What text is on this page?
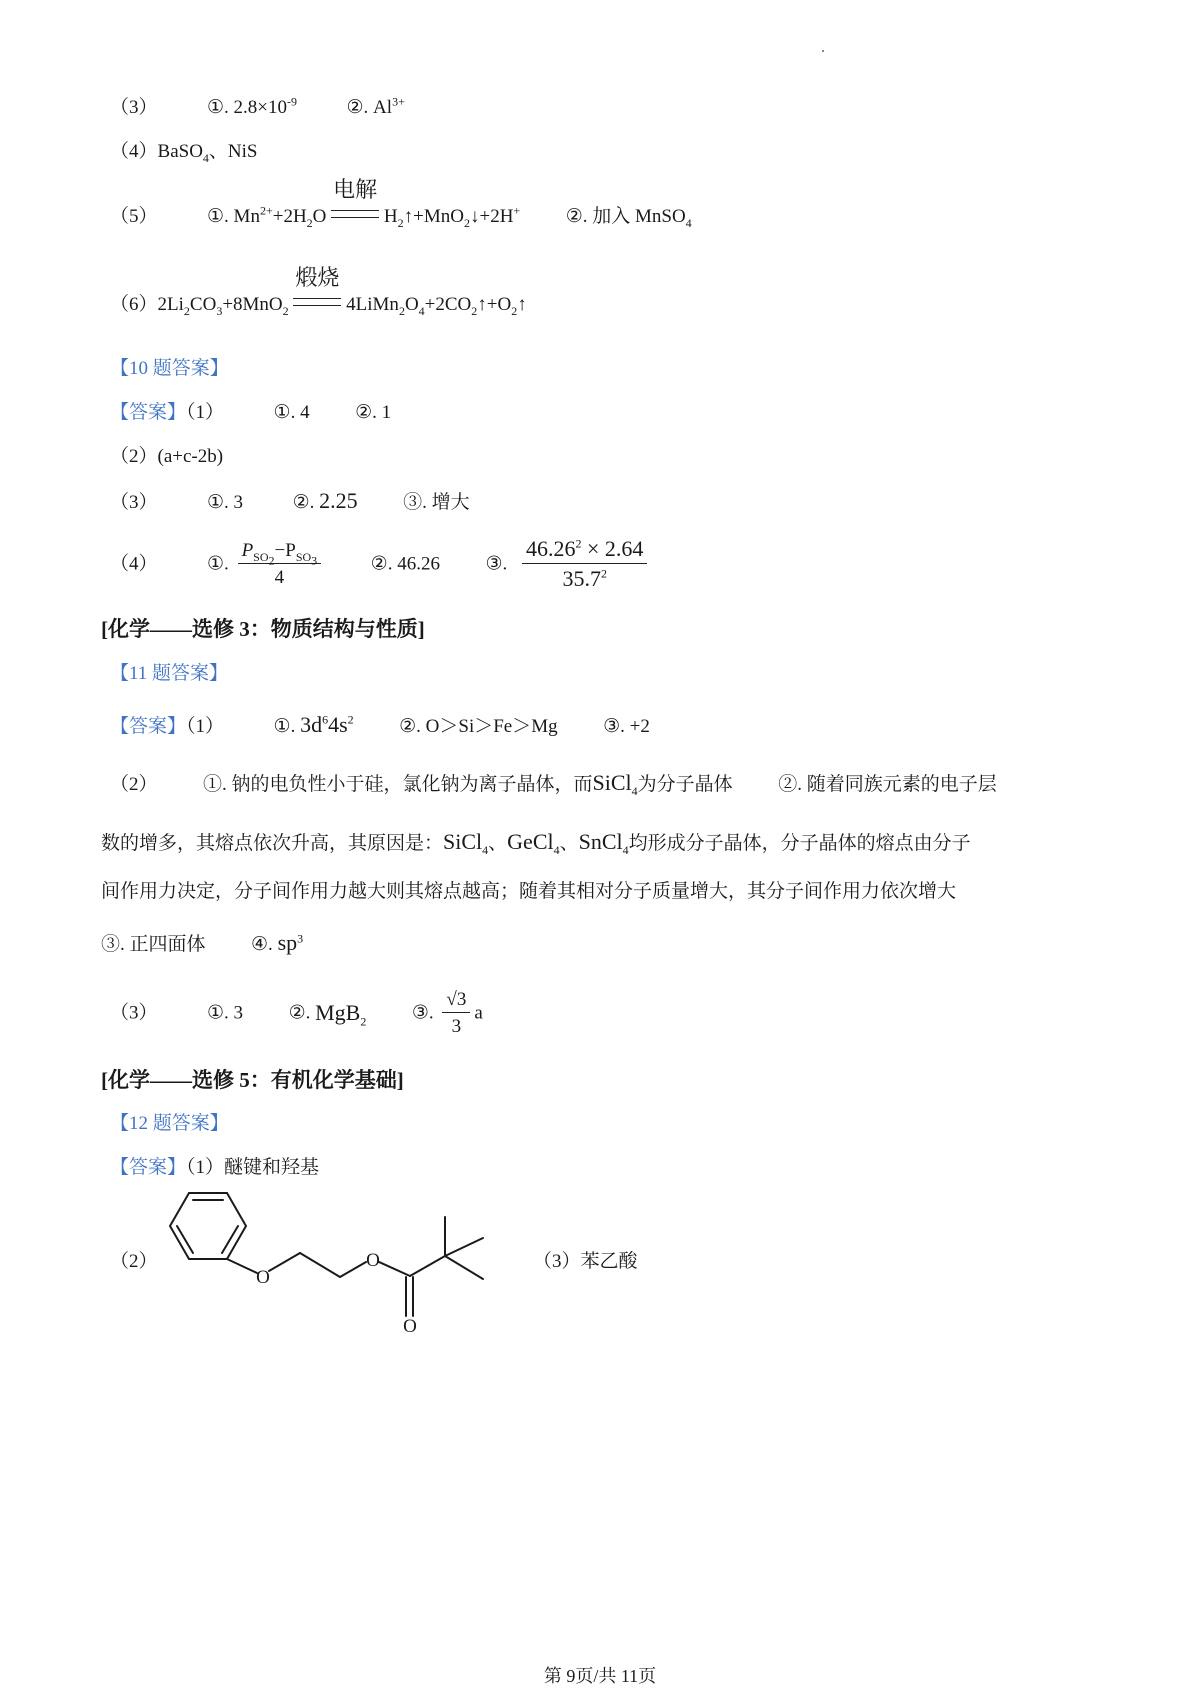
（3）	①. $2.8\times 10^{-9}$	②. $Al^{3+}$
（4）BaSO$_4$、NiS
（5）	①. $Mn^{2+}+2H_2O$
电解
$H_2↑+MnO_2↓+2H^+$ ②. 加入 MnSO$_4$
$(6)2Li_2CO_3+8MnO_2$
煅烧
$4LiMn_2O_4+2CO_2↑+O_2↑$
【10 题答案】
【答案】（1）	①. 4 ②. 1
（2）(a+c-2b)
（3）	①. 3	②. 2.25 ③. 增大
（4）	①. $\frac{P_{SO_2}-P_{SO_3}}{4}$	②. 46.26 ③. $\frac{46.26^2 \times 2.64}{35.7^2}$
[化学——选修 3：物质结构与性质]
【11 题答案】
【答案】（1）	①. $3d^64s^2$ ②. O＞Si＞Fe＞Mg ③. +2
（2） ①. 钠的电负性小于硅，氯化钠为离子晶体，而SiCl$_4$为分子晶体 ②. 随着同族元素的电子层
数的增多，其熔点依次升高，其原因是：SiCl$_4$、GeCl$_4$、SnCl$_4$均形成分子晶体，分子晶体的熔点由分子
间作用力决定，分子间作用力越大则其熔点越高；随着其相对分子质量增大，其分子间作用力依次增大
③. 正四面体 ④. $sp^3$
（3）	①. 3 ②. MgB$_2$ ③. $\frac{√3}{3}$ a
[化学——选修 5：有机化学基础]
【12 题答案】
【答案】（1）醚键和羟基
（2）
O
O
O
（3）苯乙酸
第 9页/共 11页
